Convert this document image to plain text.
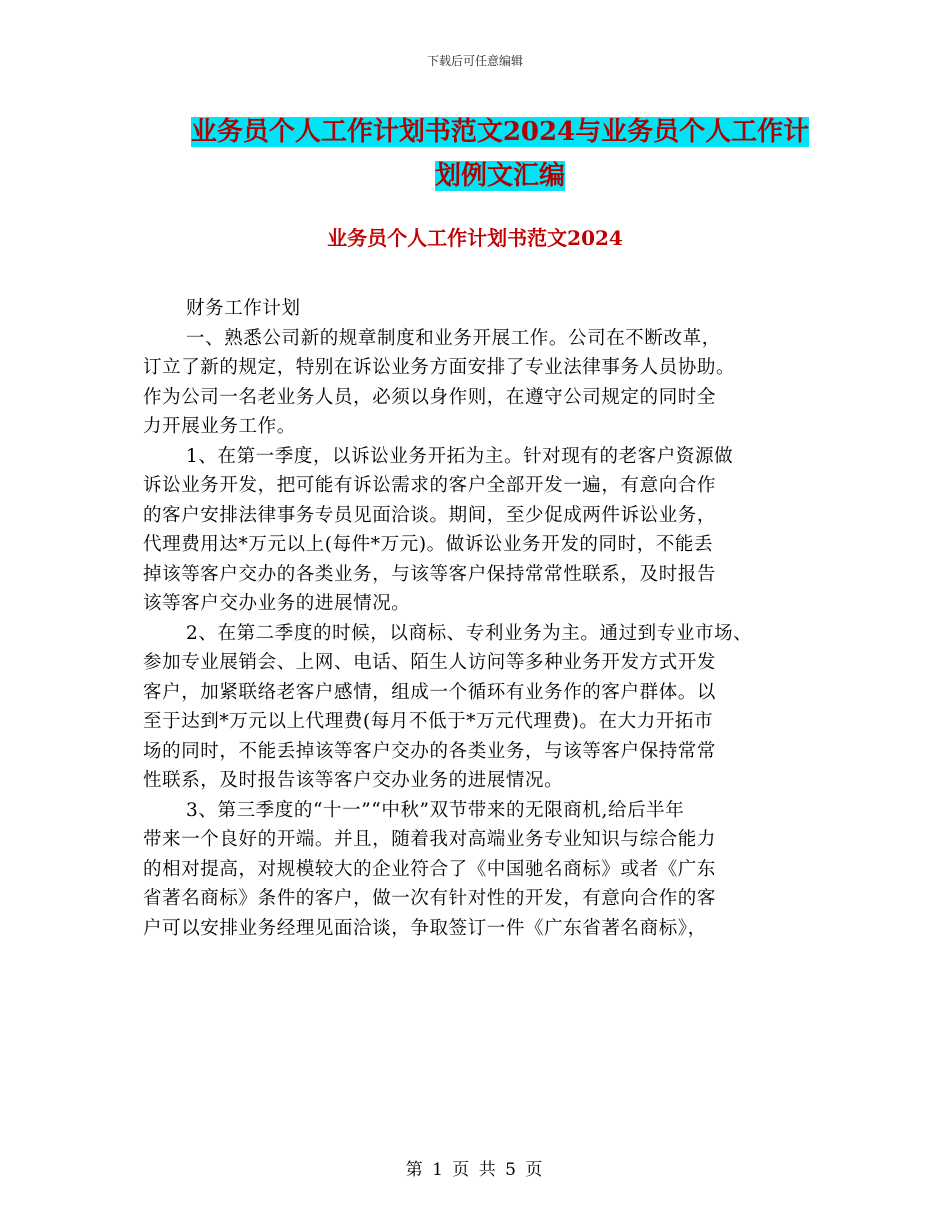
下载后可任意编辑
业务员个人工作计划书范文2024与业务员个人工作计
划例文汇编
业务员个人工作计划书范文2024
财务工作计划
一、熟悉公司新的规章制度和业务开展工作。公司在不断改革，
订立了新的规定，特别在诉讼业务方面安排了专业法律事务人员协助。
作为公司一名老业务人员，必须以身作则，在遵守公司规定的同时全
力开展业务工作。
1、在第一季度，以诉讼业务开拓为主。针对现有的老客户资源做
诉讼业务开发，把可能有诉讼需求的客户全部开发一遍，有意向合作
的客户安排法律事务专员见面洽谈。期间，至少促成两件诉讼业务，
代理费用达*万元以上(每件*万元)。做诉讼业务开发的同时，不能丢
掉该等客户交办的各类业务，与该等客户保持常常性联系，及时报告
该等客户交办业务的进展情况。
2、在第二季度的时候，以商标、专利业务为主。通过到专业市场、
参加专业展销会、上网、电话、陌生人访问等多种业务开发方式开发
客户，加紧联络老客户感情，组成一个循环有业务作的客户群体。以
至于达到*万元以上代理费(每月不低于*万元代理费)。在大力开拓市
场的同时，不能丢掉该等客户交办的各类业务，与该等客户保持常常
性联系，及时报告该等客户交办业务的进展情况。
3、第三季度的“十一”“中秋”双节带来的无限商机,给后半年
带来一个良好的开端。并且，随着我对高端业务专业知识与综合能力
的相对提高，对规模较大的企业符合了《中国驰名商标》或者《广东
省著名商标》条件的客户，做一次有针对性的开发，有意向合作的客
户可以安排业务经理见面洽谈，争取签订一件《广东省著名商标》，
第 1 页 共 5 页
